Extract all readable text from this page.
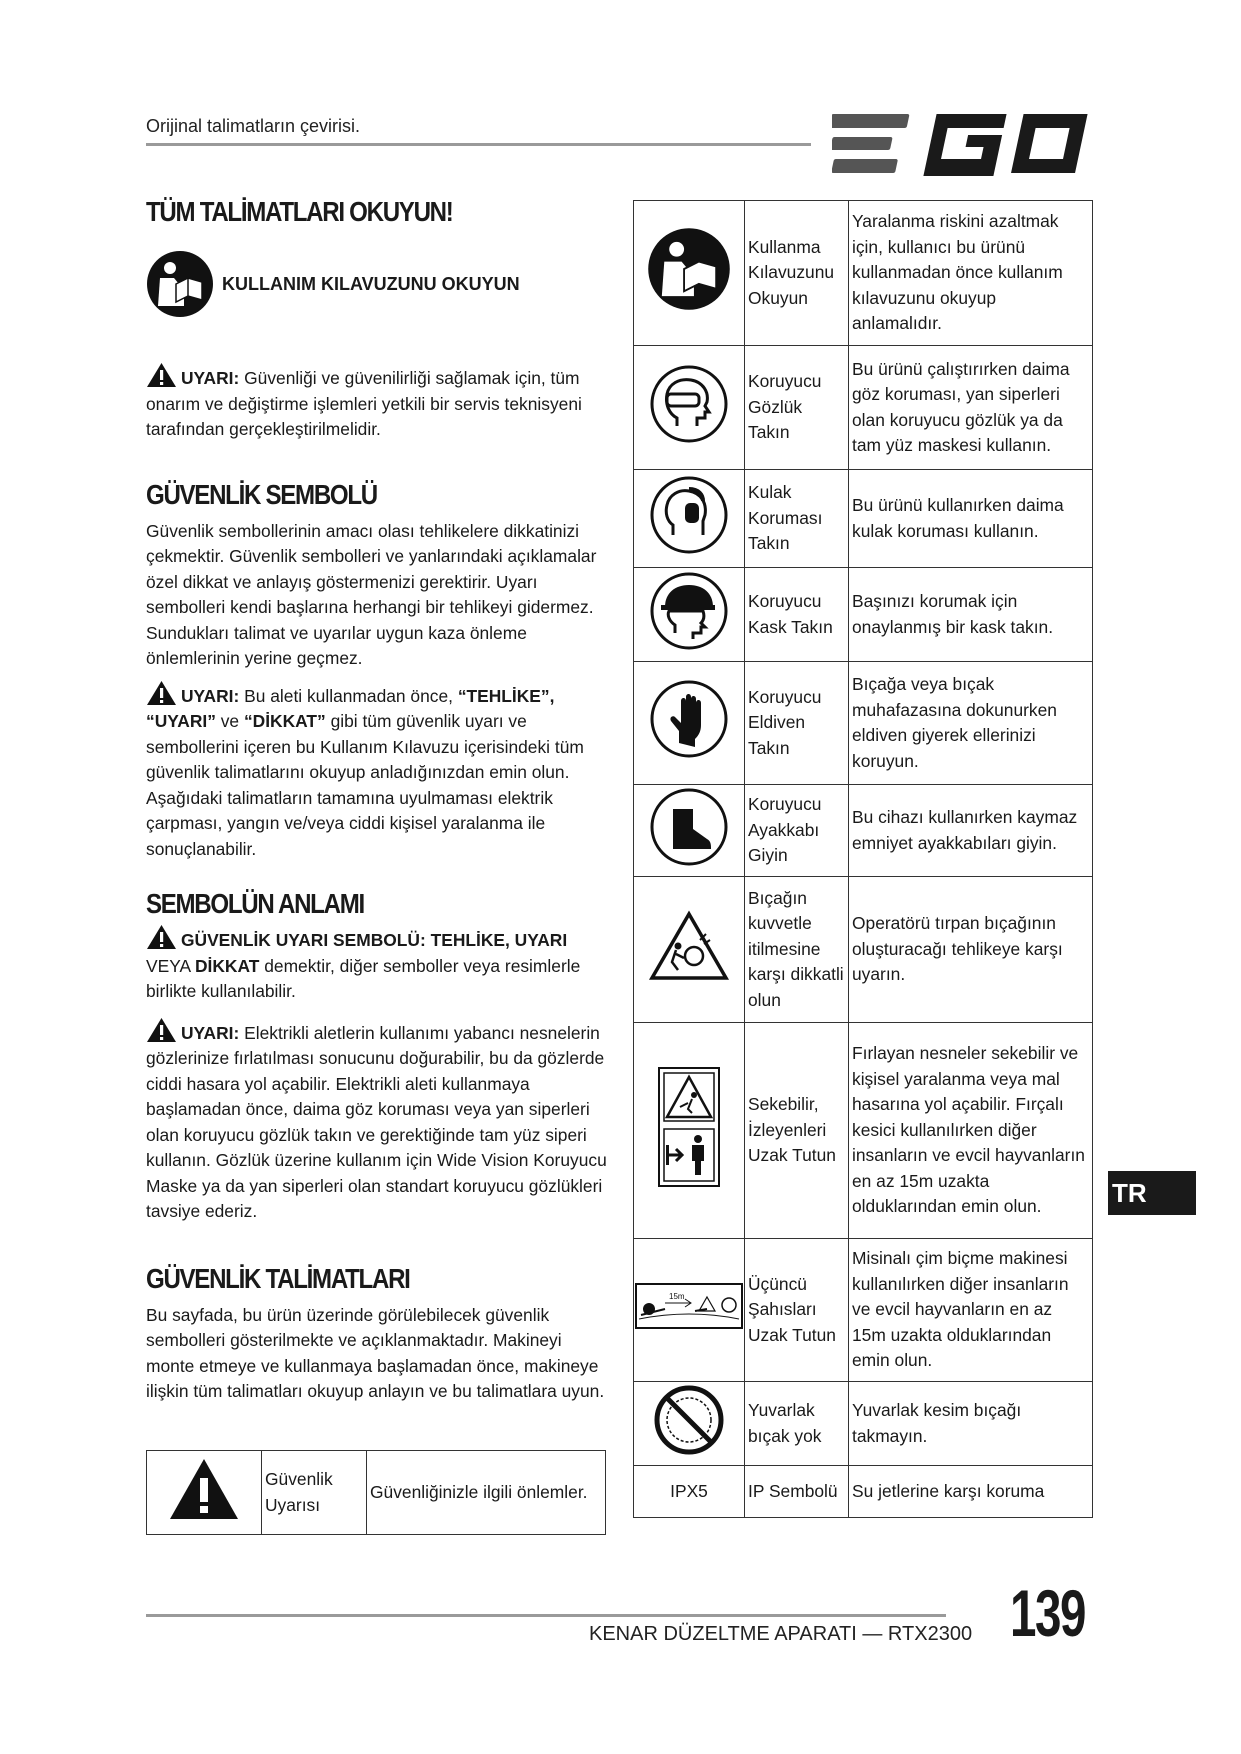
Orijinal talimatların çevirisi.
TÜM TALİMATLARI OKUYUN!
KULLANIM KILAVUZUNU OKUYUN

UYARI: Güvenliği ve güvenilirliği sağlamak için, tüm onarım ve değiştirme işlemleri yetkili bir servis teknisyeni tarafından gerçekleştirilmelidir.

GÜVENLİK SEMBOLÜ

Güvenlik sembollerinin amacı olası tehlikelere dikkatinizi çekmektir. Güvenlik sembolleri ve yanlarındaki açıklamalar özel dikkat ve anlayış göstermenizi gerektirir. Uyarı sembolleri kendi başlarına herhangi bir tehlikeyi gidermez. Sundukları talimat ve uyarılar uygun kaza önleme önlemlerinin yerine geçmez.

UYARI: Bu aleti kullanmadan önce, “TEHLİKE”, “UYARI” ve “DİKKAT” gibi tüm güvenlik uyarı ve sembollerini içeren bu Kullanım Kılavuzu içerisindeki tüm güvenlik talimatlarını okuyup anladığınızdan emin olun. Aşağıdaki talimatların tamamına uyulmaması elektrik çarpması, yangın ve/veya ciddi kişisel yaralanma ile sonuçlanabilir.

SEMBOLÜN ANLAMI

GÜVENLİK UYARI SEMBOLÜ: TEHLİKE, UYARI VEYA DİKKAT demektir, diğer semboller veya resimlerle birlikte kullanılabilir.

UYARI: Elektrikli aletlerin kullanımı yabancı nesnelerin gözlerinize fırlatılması sonucunu doğurabilir, bu da gözlerde ciddi hasara yol açabilir. Elektrikli aleti kullanmaya başlamadan önce, daima göz koruması veya yan siperleri olan koruyucu gözlük takın ve gerektiğinde tam yüz siperi kullanın. Gözlük üzerine kullanım için Wide Vision Koruyucu Maske ya da yan siperleri olan standart koruyucu gözlükleri tavsiye ederiz.

GÜVENLİK TALİMATLARI

Bu sayfada, bu ürün üzerinde görülebilecek güvenlik sembolleri gösterilmekte ve açıklanmaktadır. Makineyi monte etmeye ve kullanmaya başlamadan önce, makineye ilişkin tüm talimatları okuyup anlayın ve bu talimatlara uyun.

	Güvenlik Uyarısı	Güvenliğinizle ilgili önlemler.
	Kullanma Kılavuzunu Okuyun	Yaralanma riskini azaltmak için, kullanıcı bu ürünü kullanmadan önce kullanım kılavuzunu okuyup anlamalıdır.
	Koruyucu Gözlük Takın	Bu ürünü çalıştırırken daima göz koruması, yan siperleri olan koruyucu gözlük ya da tam yüz maskesi kullanın.
	Kulak Koruması Takın	Bu ürünü kullanırken daima kulak koruması kullanın.
	Koruyucu Kask Takın	Başınızı korumak için onaylanmış bir kask takın.
	Koruyucu Eldiven Takın	Bıçağa veya bıçak muhafazasına dokunurken eldiven giyerek ellerinizi koruyun.
	Koruyucu Ayakkabı Giyin	Bu cihazı kullanırken kaymaz emniyet ayakkabıları giyin.
	Bıçağın kuvvetle itilmesine karşı dikkatli olun	Operatörü tırpan bıçağının oluşturacağı tehlikeye karşı uyarın.
	Sekebilir, İzleyenleri Uzak Tutun	Fırlayan nesneler sekebilir ve kişisel yaralanma veya mal hasarına yol açabilir. Fırçalı kesici kullanılırken diğer insanların ve evcil hayvanların en az 15m uzakta olduklarından emin olun.

15m	Üçüncü Şahısları Uzak Tutun	Misinalı çim biçme makinesi kullanılırken diğer insanların ve evcil hayvanların en az 15m uzakta olduklarından emin olun.
	Yuvarlak bıçak yok	Yuvarlak kesim bıçağı takmayın.
IPX5	IP Sembolü	Su jetlerine karşı koruma
TR
KENAR DÜZELTME APARATI — RTX2300 139
